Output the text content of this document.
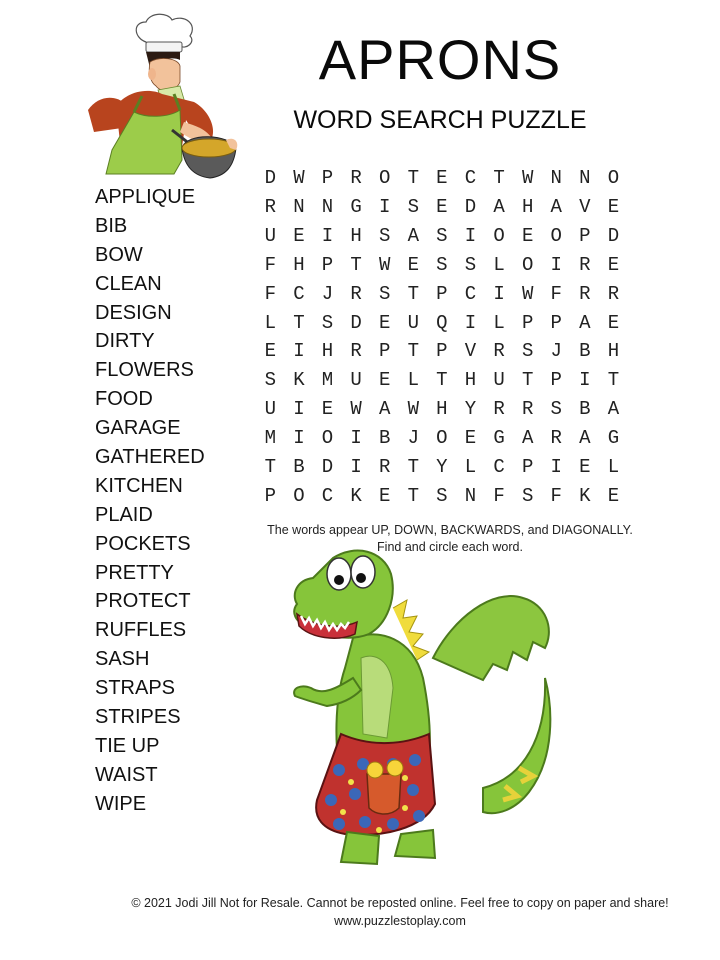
APRONS
WORD SEARCH PUZZLE
APPLIQUE
BIB
BOW
CLEAN
DESIGN
DIRTY
FLOWERS
FOOD
GARAGE
GATHERED
KITCHEN
PLAID
POCKETS
PRETTY
PROTECT
RUFFLES
SASH
STRAPS
STRIPES
TIE UP
WAIST
WIPE
D W P R O T E C T W N N O
R N N G I S E D A H A V E
U E I H S A S I O E O P D
F H P T W E S S L O I R E
F C J R S T P C I W F R R
L T S D E U Q I L P P A E
E I H R P T P V R S J B H
S K M U E L T H U T P I T
U I E W A W H Y R R S B A
M I O I B J O E G A R A G
T B D I R T Y L C P I E L
P O C K E T S N F S F K E
The words appear UP, DOWN, BACKWARDS, and DIAGONALLY.
Find and circle each word.
© 2021 Jodi Jill Not for Resale. Cannot be reposted online. Feel free to copy on paper and share!
www.puzzlestoplay.com
